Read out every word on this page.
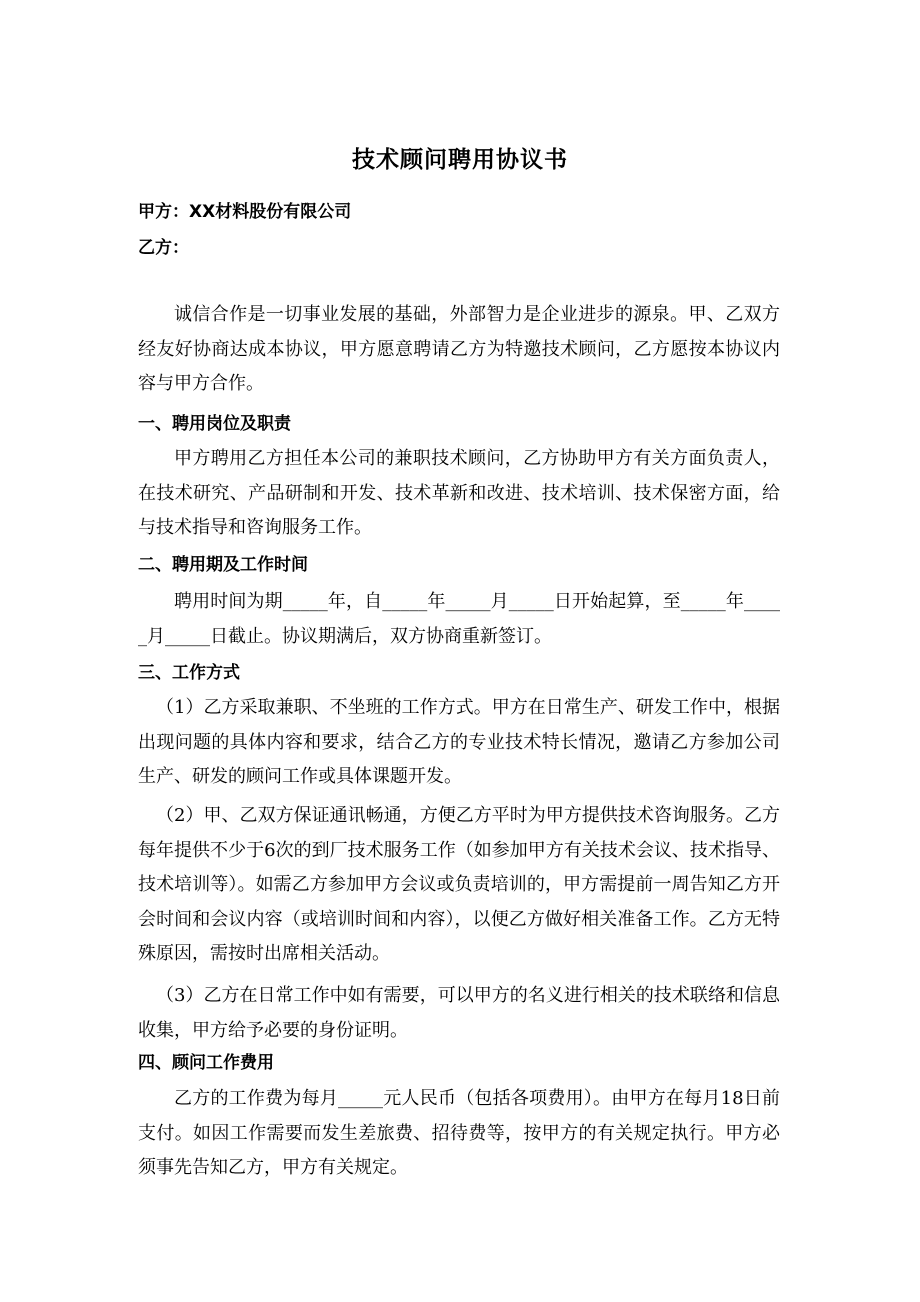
技术顾问聘用协议书
甲方：XX材料股份有限公司
乙方：
诚信合作是一切事业发展的基础，外部智力是企业进步的源泉。甲、乙双方经友好协商达成本协议，甲方愿意聘请乙方为特邀技术顾问，乙方愿按本协议内容与甲方合作。
一、聘用岗位及职责
甲方聘用乙方担任本公司的兼职技术顾问，乙方协助甲方有关方面负责人，在技术研究、产品研制和开发、技术革新和改进、技术培训、技术保密方面，给与技术指导和咨询服务工作。
二、聘用期及工作时间
聘用时间为期_____年，自_____年_____月_____日开始起算，至_____年_____月_____日截止。协议期满后，双方协商重新签订。
三、工作方式
（1）乙方采取兼职、不坐班的工作方式。甲方在日常生产、研发工作中，根据出现问题的具体内容和要求，结合乙方的专业技术特长情况，邀请乙方参加公司生产、研发的顾问工作或具体课题开发。
（2）甲、乙双方保证通讯畅通，方便乙方平时为甲方提供技术咨询服务。乙方每年提供不少于6次的到厂技术服务工作（如参加甲方有关技术会议、技术指导、技术培训等）。如需乙方参加甲方会议或负责培训的，甲方需提前一周告知乙方开会时间和会议内容（或培训时间和内容），以便乙方做好相关准备工作。乙方无特殊原因，需按时出席相关活动。
（3）乙方在日常工作中如有需要，可以甲方的名义进行相关的技术联络和信息收集，甲方给予必要的身份证明。
四、顾问工作费用
乙方的工作费为每月_____元人民币（包括各项费用）。由甲方在每月18日前支付。如因工作需要而发生差旅费、招待费等，按甲方的有关规定执行。甲方必须事先告知乙方，甲方有关规定。
